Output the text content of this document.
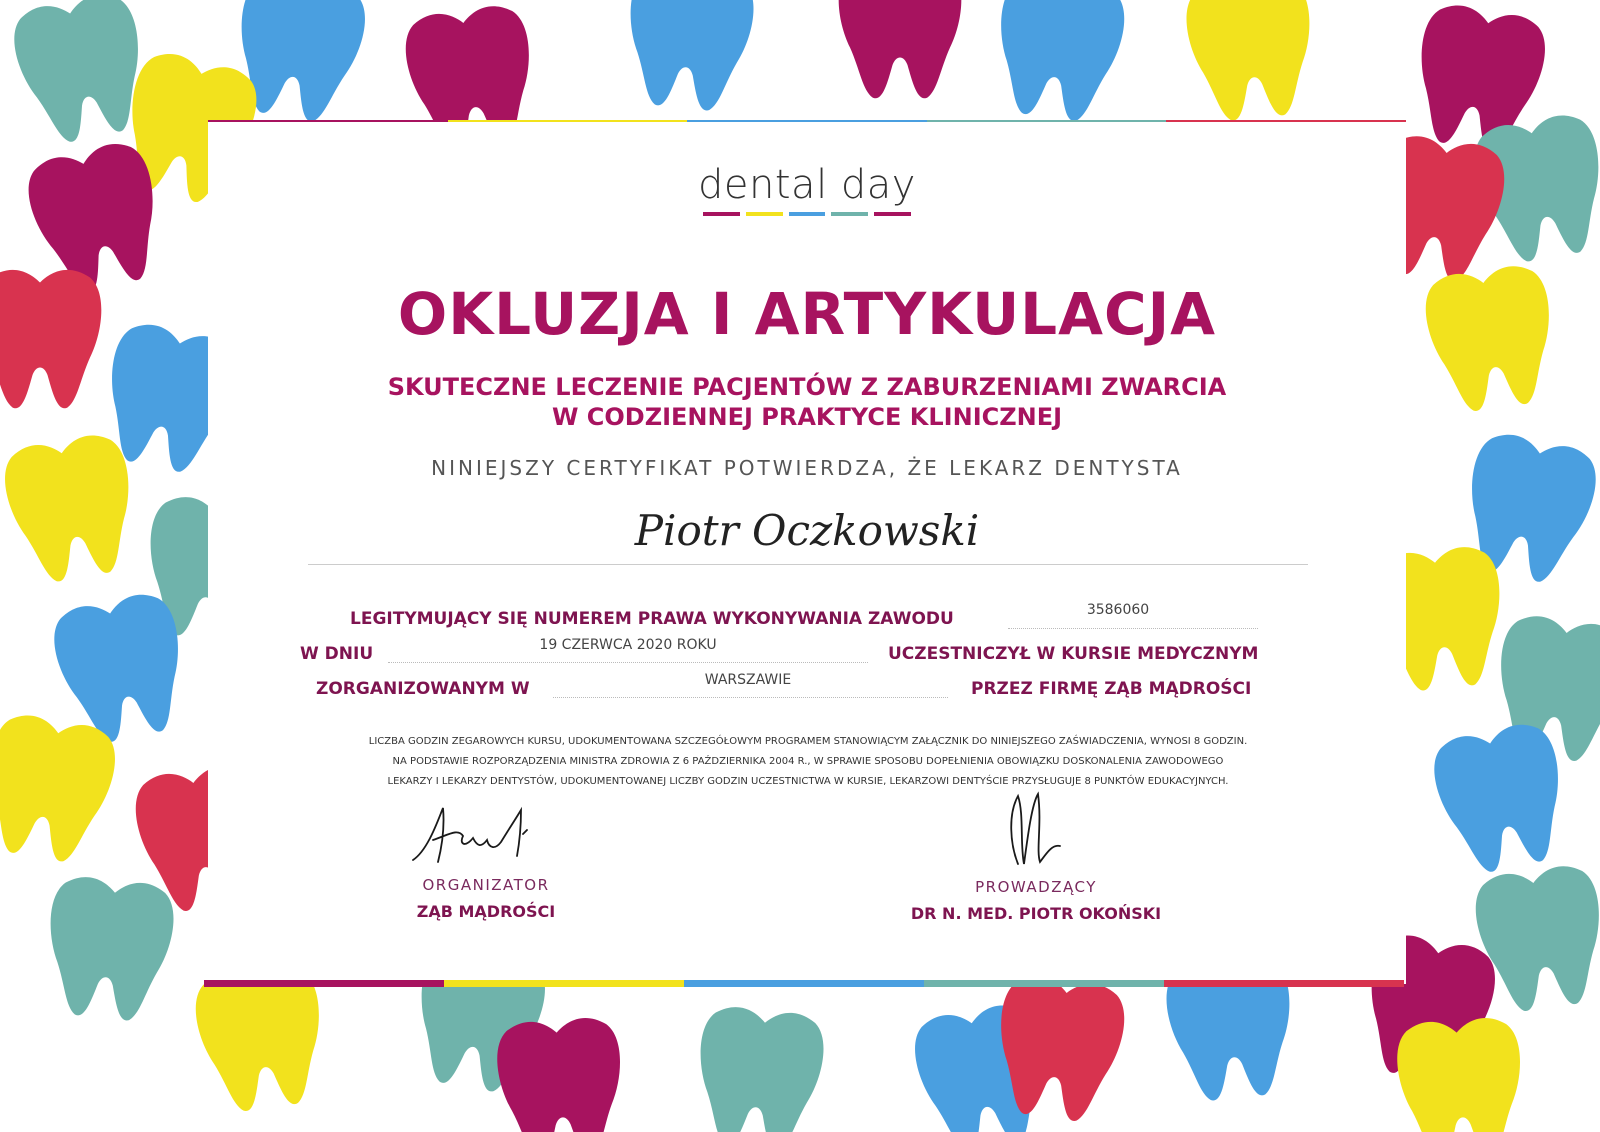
dental day
OKLUZJA I ARTYKULACJA
SKUTECZNE LECZENIE PACJENTÓW Z ZABURZENIAMI ZWARCIA
W CODZIENNEJ PRAKTYCE KLINICZNEJ
NINIEJSZY CERTYFIKAT POTWIERDZA, ŻE LEKARZ DENTYSTA
Piotr Oczkowski
LEGITYMUJĄCY SIĘ NUMEREM PRAWA WYKONYWANIA ZAWODU	3586060
W DNIU	19 CZERWCA 2020 ROKU	UCZESTNICZYŁ W KURSIE MEDYCZNYM
ZORGANIZOWANYM W	WARSZAWIE	PRZEZ FIRMĘ ZĄB MĄDROŚCI
LICZBA GODZIN ZEGAROWYCH KURSU, UDOKUMENTOWANA SZCZEGÓŁOWYM PROGRAMEM STANOWIĄCYM ZAŁĄCZNIK DO NINIEJSZEGO ZAŚWIADCZENIA, WYNOSI 8 GODZIN.
NA PODSTAWIE ROZPORZĄDZENIA MINISTRA ZDROWIA Z 6 PAŹDZIERNIKA 2004 R., W SPRAWIE SPOSOBU DOPEŁNIENIA OBOWIĄZKU DOSKONALENIA ZAWODOWEGO
LEKARZY I LEKARZY DENTYSTÓW, UDOKUMENTOWANEJ LICZBY GODZIN UCZESTNICTWA W KURSIE, LEKARZOWI DENTYŚCIE PRZYSŁUGUJE 8 PUNKTÓW EDUKACYJNYCH.
ORGANIZATOR
ZĄB MĄDROŚCI
PROWADZĄCY
DR N. MED. PIOTR OKOŃSKI
